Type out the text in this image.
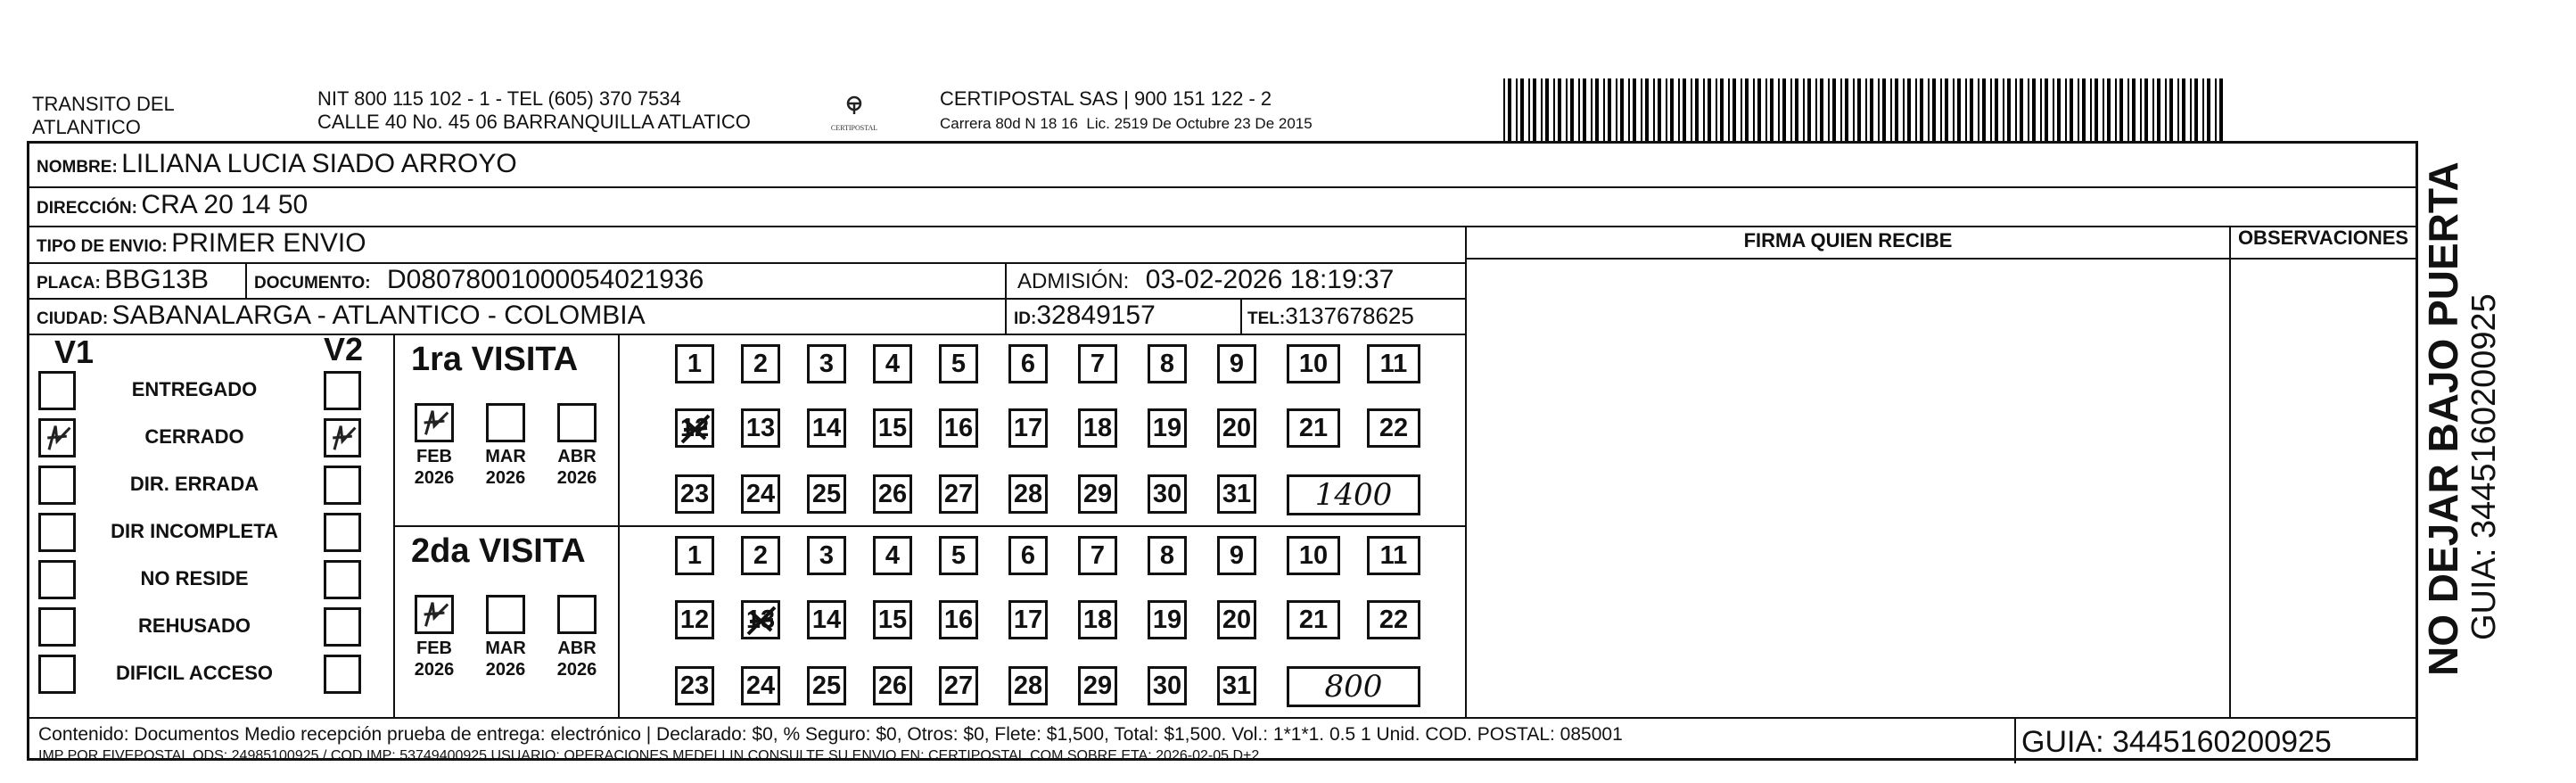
TRANSITO DEL
ATLANTICO
NIT 800 115 102 - 1 - TEL (605) 370 7534
CALLE 40 No. 45 06 BARRANQUILLA ATLATICO	CERTIPOSTAL
CERTIPOSTAL SAS | 900 151 122 - 2
Carrera 80d N 18 16  Lic. 2519 De Octubre 23 De 2015
NO DEJAR BAJO PUERTA GUIA: 3445160200925
NOMBRE: LILIANA LUCIA SIADO ARROYO
DIRECCIÓN: CRA 20 14 50
TIPO DE ENVIO: PRIMER ENVIO
PLACA: BBG13B	DOCUMENTO: D08078001000054021936	ADMISIÓN: 03-02-2026 18:19:37
CIUDAD: SABANALARGA - ATLANTICO - COLOMBIA	ID:32849157	TEL:3137678625
FIRMA QUIEN RECIBE	OBSERVACIONES
V1	V2
Contenido: Documentos Medio recepción prueba de entrega: electrónico | Declarado: $0, % Seguro: $0, Otros: $0, Flete: $1,500, Total: $1,500. Vol.: 1*1*1. 0.5 1 Unid. COD. POSTAL: 085001
IMP POR FIVEPOSTAL ODS: 24985100925 / COD.IMP: 53749400925 USUARIO: OPERACIONES MEDELLIN CONSULTE SU ENVIO EN: CERTIPOSTAL.COM SOBRE ETA: 2026-02-05 D+2	GUIA: 3445160200925
ENTREGADO
CERRADO
DIR. ERRADA
DIR INCOMPLETA
NO RESIDE
REHUSADO
DIFICIL ACCESO
1ra VISITA
FEB
2026
MAR
2026
ABR
2026
1	2	3	4	5	6	7	8	9	10	11
12 13 14 15 16 17 18 19 20	21	22
23 24 25 26 27 28 29 30 31	1400
2da VISITA
FEB
2026
MAR
2026
ABR
2026
1	2	3	4	5	6	7	8	9	10	11
12 13 14 15 16 17 18 19 20	21	22
23 24 25 26 27 28 29 30 31	800
